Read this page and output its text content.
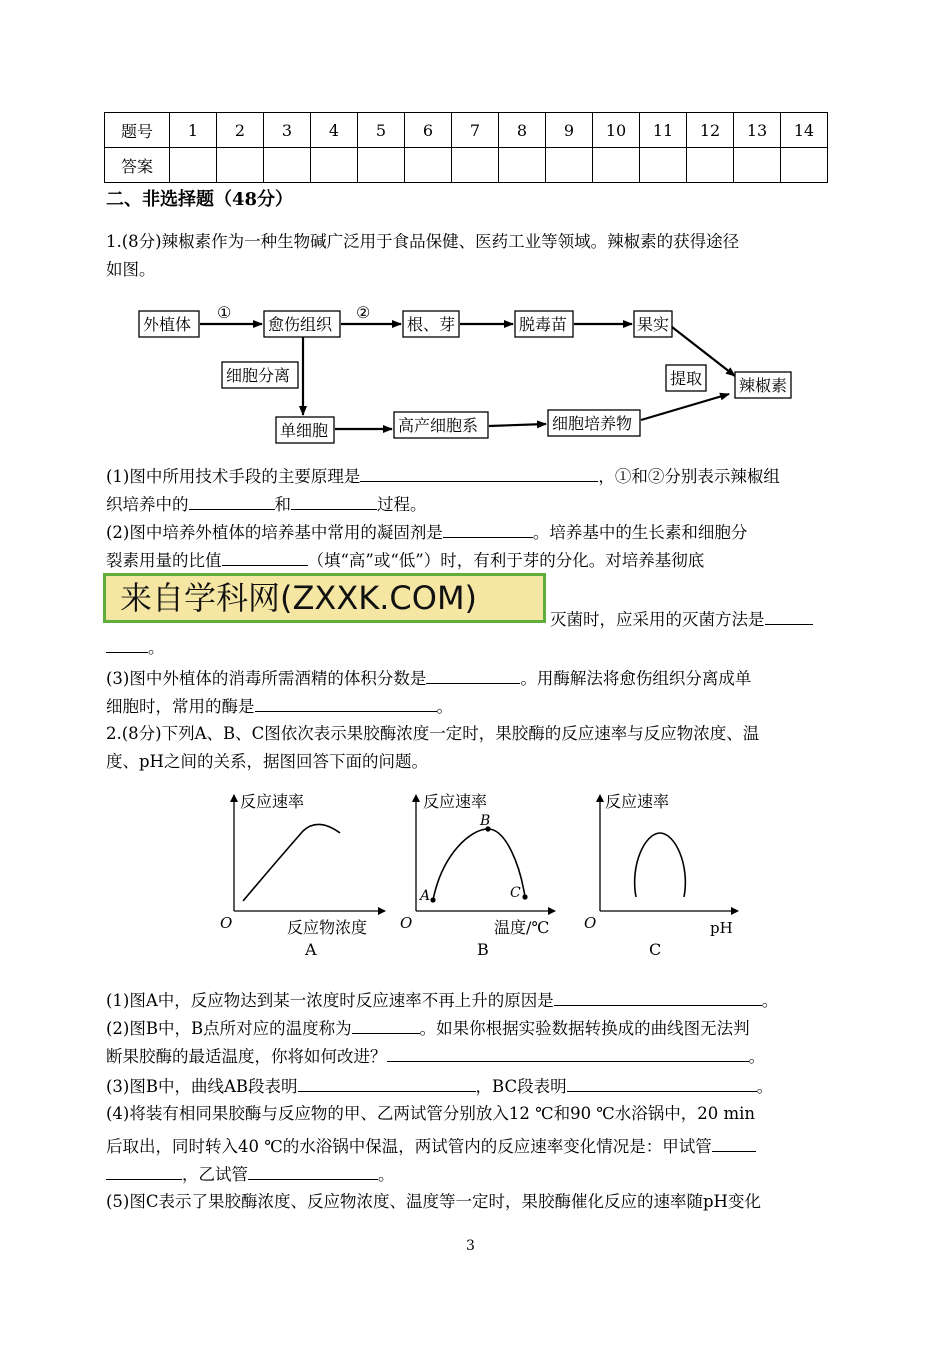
题号	1	2	3	4	5	6	7	8	9	10	11	12	13	14
答案														
二、非选择题（48分）
1.(8分)辣椒素作为一种生物碱广泛用于食品保健、医药工业等领域。辣椒素的获得途径
如图。
外植体
①
愈伤组织
②
根、芽	脱毒苗	果实
辣椒素
细胞分离	提取
单细胞	高产细胞系	细胞培养物
(1)图中所用技术手段的主要原理是	，①和②分别表示辣椒组
织培养中的	和	过程。
(2)图中培养外植体的培养基中常用的凝固剂是	。培养基中的生长素和细胞分
裂素用量的比值	（填“高”或“低”）时，有利于芽的分化。对培养基彻底
来自学科网(ZXXK.COM)
灭菌时，应采用的灭菌方法是
。
(3)图中外植体的消毒所需酒精的体积分数是	。用酶解法将愈伤组织分离成单
细胞时，常用的酶是	。
2.(8分)下列A、B、C图依次表示果胶酶浓度一定时，果胶酶的反应速率与反应物浓度、温
度、pH之间的关系，据图回答下面的问题。
反应速率
O	反应物浓度
A
反应速率
O
A
B
C
温度/℃
B
反应速率
O	pH
C
(1)图A中，反应物达到某一浓度时反应速率不再上升的原因是	。
(2)图B中，B点所对应的温度称为	。如果你根据实验数据转换成的曲线图无法判
断果胶酶的最适温度，你将如何改进？	。
(3)图B中，曲线AB段表明	，BC段表明	。
(4)将装有相同果胶酶与反应物的甲、乙两试管分别放入12 ℃和90 ℃水浴锅中，20 min
后取出，同时转入40 ℃的水浴锅中保温，两试管内的反应速率变化情况是：甲试管
，乙试管	。
(5)图C表示了果胶酶浓度、反应物浓度、温度等一定时，果胶酶催化反应的速率随pH变化
3
